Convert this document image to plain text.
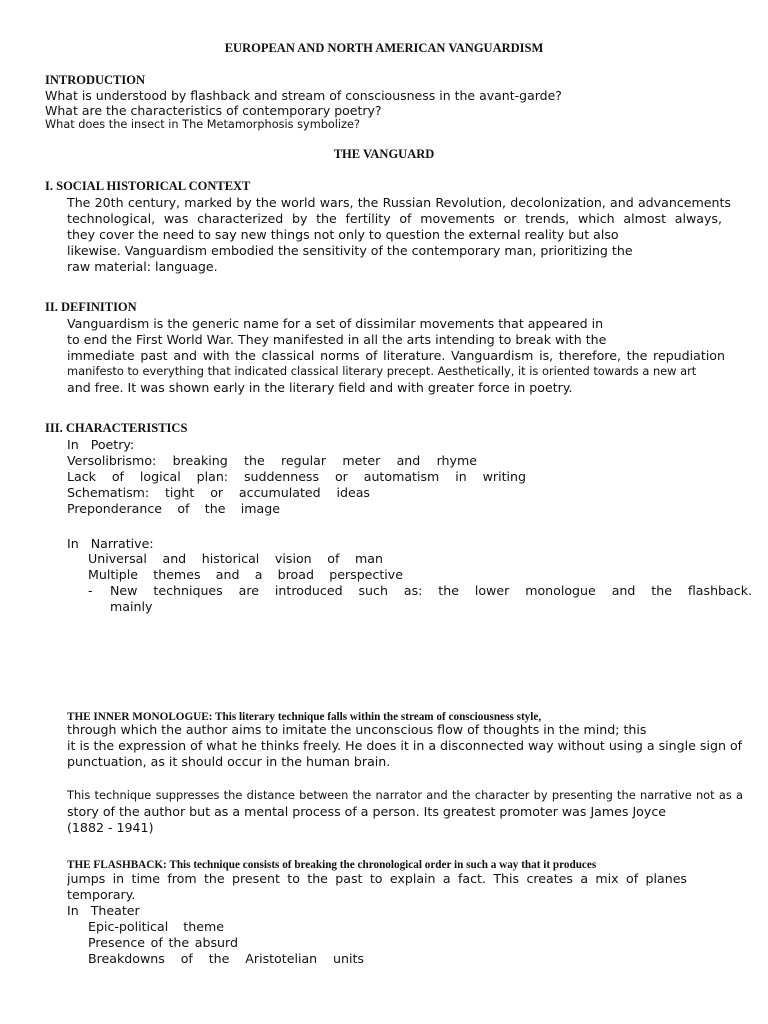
EUROPEAN AND NORTH AMERICAN VANGUARDISM
INTRODUCTION
What is understood by flashback and stream of consciousness in the avant-garde?
What are the characteristics of contemporary poetry?
What does the insect in The Metamorphosis symbolize?
THE VANGUARD
I. SOCIAL HISTORICAL CONTEXT
The 20th century, marked by the world wars, the Russian Revolution, decolonization, and advancements
technological, was characterized by the fertility of movements or trends, which almost always,
they cover the need to say new things not only to question the external reality but also
likewise. Vanguardism embodied the sensitivity of the contemporary man, prioritizing the
raw material: language.
II. DEFINITION
Vanguardism is the generic name for a set of dissimilar movements that appeared in
to end the First World War. They manifested in all the arts intending to break with the
immediate past and with the classical norms of literature. Vanguardism is, therefore, the repudiation
manifesto to everything that indicated classical literary precept. Aesthetically, it is oriented towards a new art
and free. It was shown early in the literary field and with greater force in poetry.
III. CHARACTERISTICS
In   Poetry:
Versolibrismo: breaking the regular meter and rhyme
Lack of logical plan: suddenness or automatism in writing
Schematism: tight or accumulated ideas
Preponderance of the image
In   Narrative:
Universal and historical vision of man
Multiple themes and a broad perspective
- New techniques are introduced such as: the lower monologue and the flashback.
mainly
THE INNER MONOLOGUE: This literary technique falls within the stream of consciousness style,
through which the author aims to imitate the unconscious flow of thoughts in the mind; this
it is the expression of what he thinks freely. He does it in a disconnected way without using a single sign of
punctuation, as it should occur in the human brain.
This technique suppresses the distance between the narrator and the character by presenting the narrative not as a
story of the author but as a mental process of a person. Its greatest promoter was James Joyce
(1882 - 1941)
THE FLASHBACK: This technique consists of breaking the chronological order in such a way that it produces
jumps in time from the present to the past to explain a fact. This creates a mix of planes
temporary.
In   Theater
Epic-political theme
Presence of the absurd
Breakdowns of the Aristotelian units
